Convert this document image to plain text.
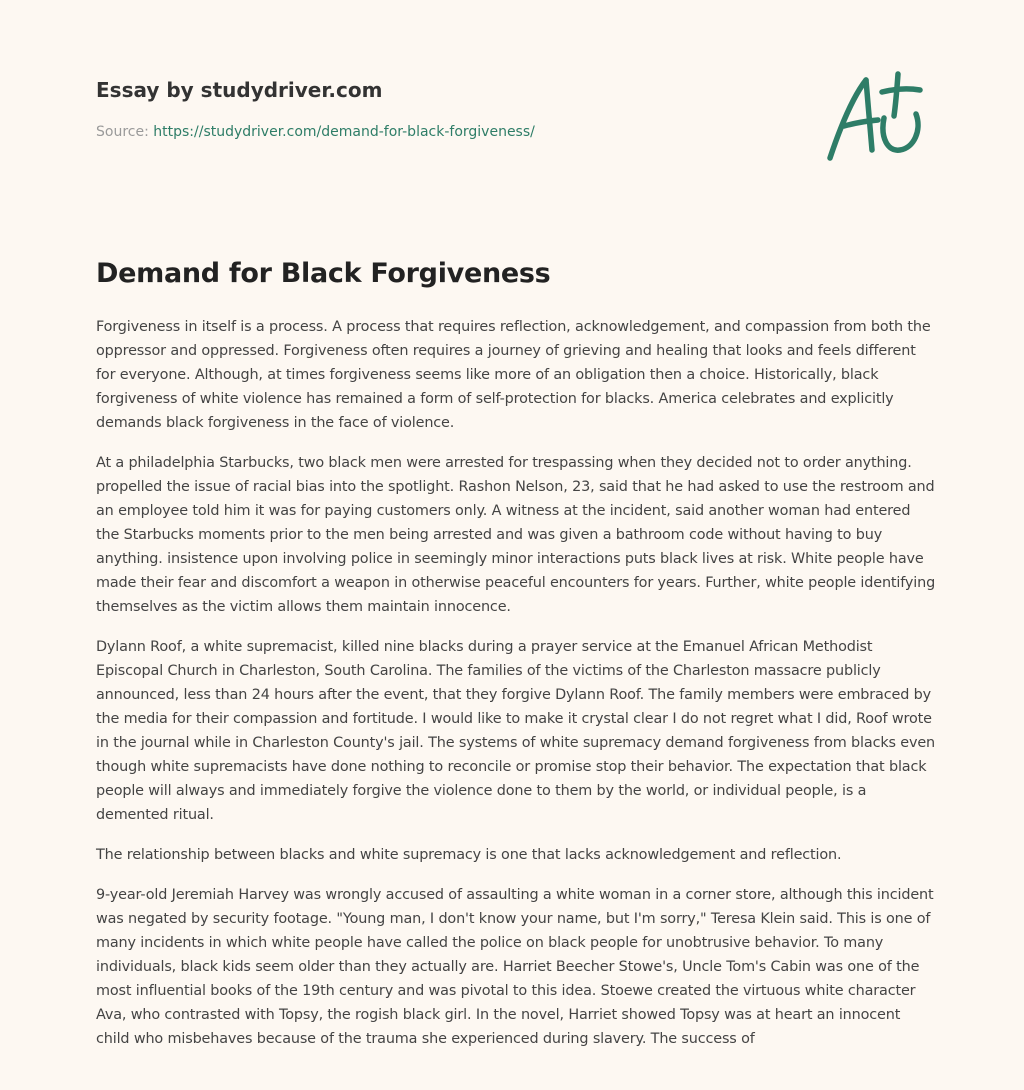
Essay by studydriver.com
Source: https://studydriver.com/demand-for-black-forgiveness/
Demand for Black Forgiveness

Forgiveness in itself is a process. A process that requires reflection, acknowledgement, and compassion from both the oppressor and oppressed. Forgiveness often requires a journey of grieving and healing that looks and feels different for everyone. Although, at times forgiveness seems like more of an obligation then a choice. Historically, black forgiveness of white violence has remained a form of self-protection for blacks. America celebrates and explicitly demands black forgiveness in the face of violence.

At a philadelphia Starbucks, two black men were arrested for trespassing when they decided not to order anything. propelled the issue of racial bias into the spotlight. Rashon Nelson, 23, said that he had asked to use the restroom and an employee told him it was for paying customers only. A witness at the incident, said another woman had entered the Starbucks moments prior to the men being arrested and was given a bathroom code without having to buy anything. insistence upon involving police in seemingly minor interactions puts black lives at risk. White people have made their fear and discomfort a weapon in otherwise peaceful encounters for years. Further, white people identifying themselves as the victim allows them maintain innocence.

Dylann Roof, a white supremacist, killed nine blacks during a prayer service at the Emanuel African Methodist Episcopal Church in Charleston, South Carolina. The families of the victims of the Charleston massacre publicly announced, less than 24 hours after the event, that they forgive Dylann Roof. The family members were embraced by the media for their compassion and fortitude. I would like to make it crystal clear I do not regret what I did, Roof wrote in the journal while in Charleston County's jail. The systems of white supremacy demand forgiveness from blacks even though white supremacists have done nothing to reconcile or promise stop their behavior. The expectation that black people will always and immediately forgive the violence done to them by the world, or individual people, is a demented ritual.

The relationship between blacks and white supremacy is one that lacks acknowledgement and reflection.

9-year-old Jeremiah Harvey was wrongly accused of assaulting a white woman in a corner store, although this incident was negated by security footage. "Young man, I don't know your name, but I'm sorry," Teresa Klein said. This is one of many incidents in which white people have called the police on black people for unobtrusive behavior. To many individuals, black kids seem older than they actually are. Harriet Beecher Stowe's, Uncle Tom's Cabin was one of the most influential books of the 19th century and was pivotal to this idea. Stoewe created the virtuous white character Ava, who contrasted with Topsy, the rogish black girl. In the novel, Harriet showed Topsy was at heart an innocent child who misbehaves because of the trauma she experienced during slavery. The success of
